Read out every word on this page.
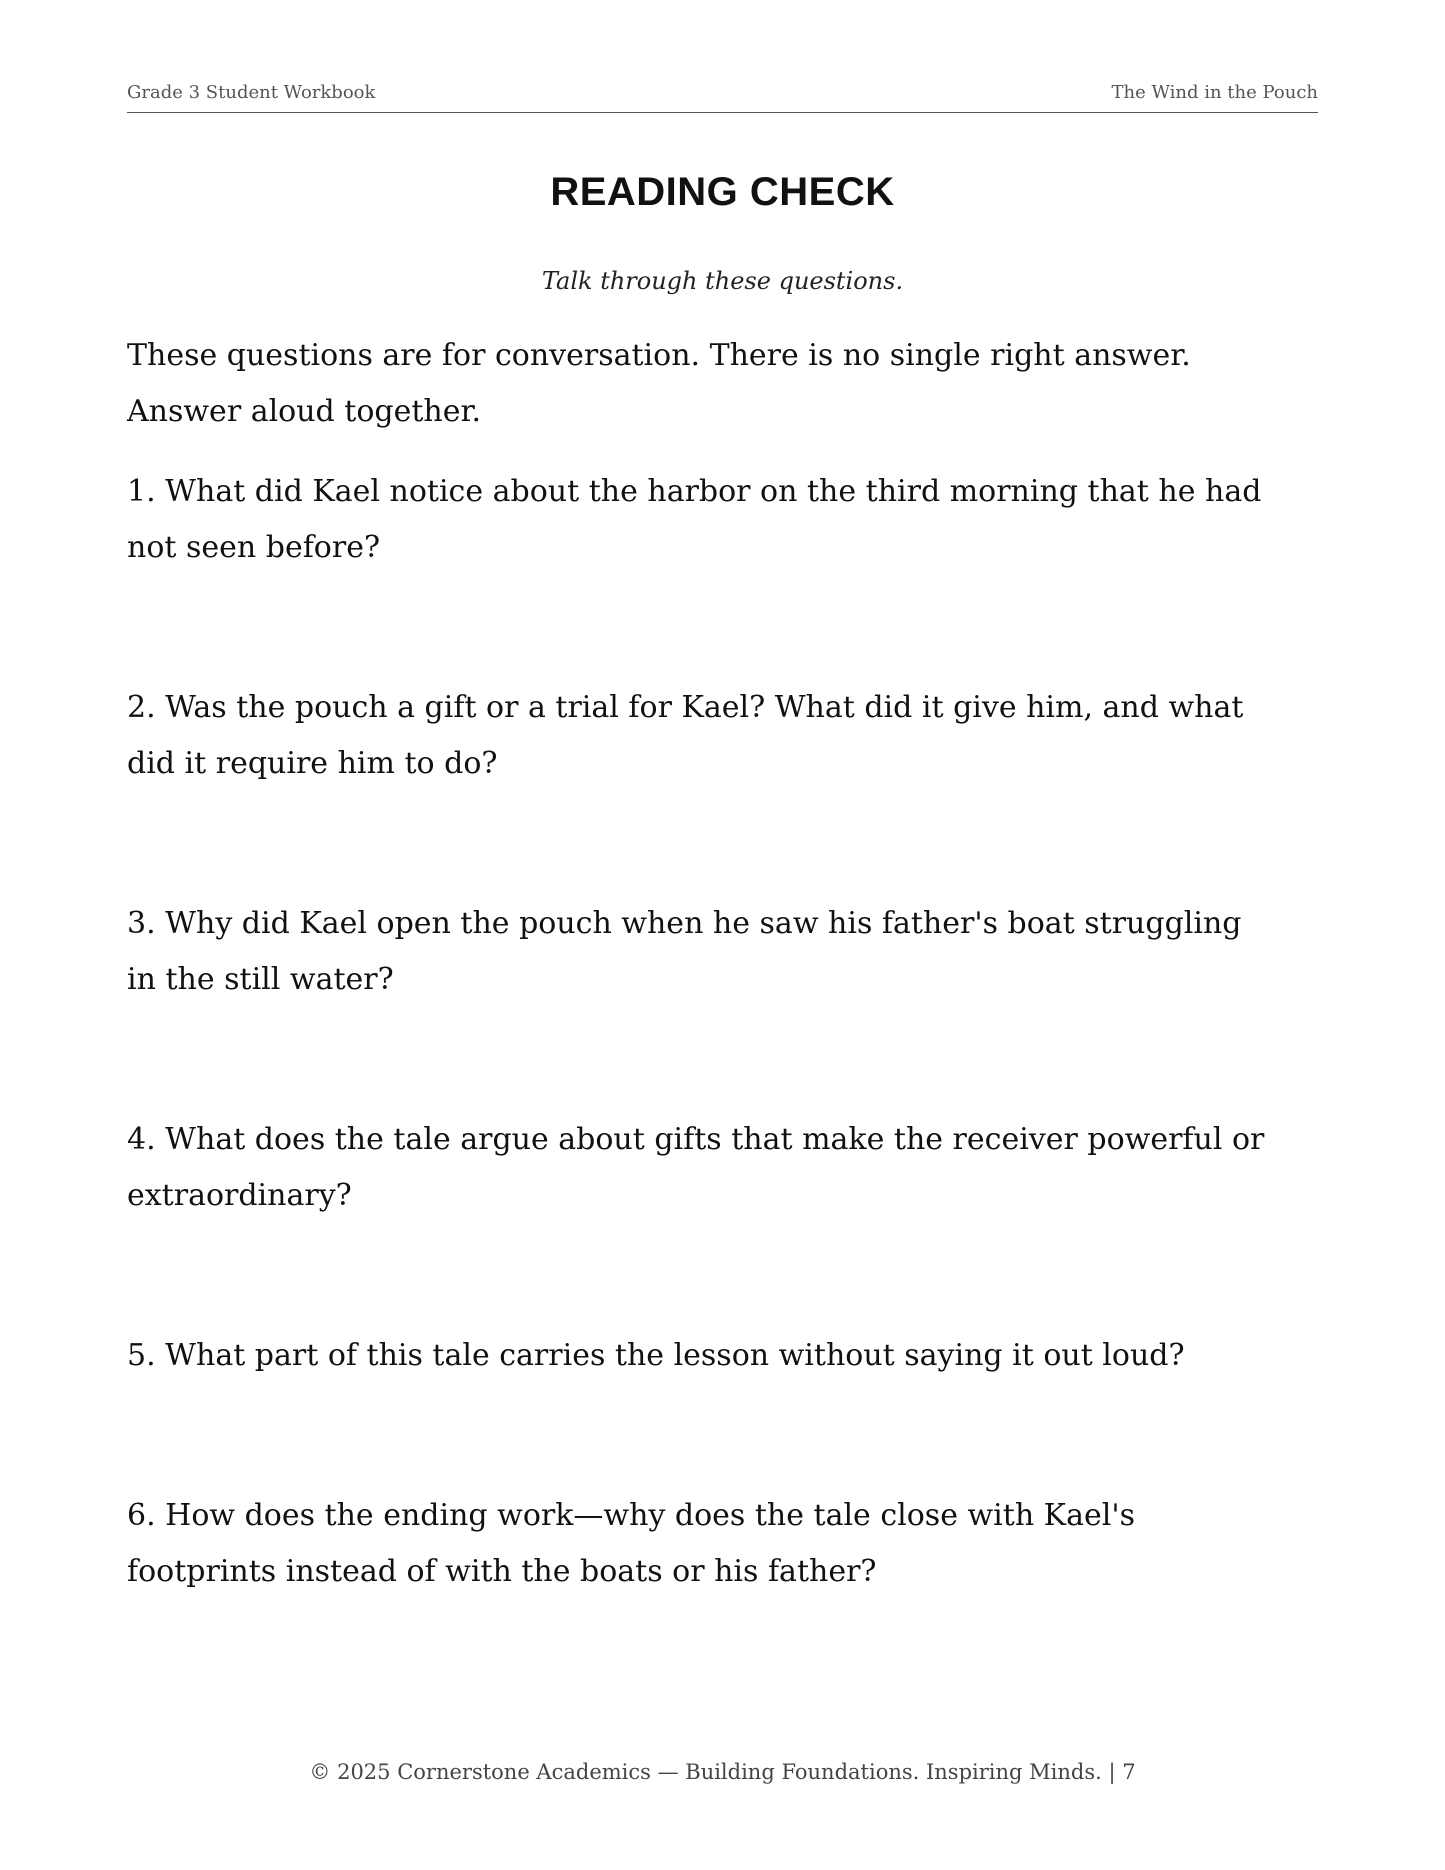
Grade 3 Student Workbook	The Wind in the Pouch
READING CHECK
Talk through these questions.

These questions are for conversation. There is no single right answer. Answer aloud together.

1. What did Kael notice about the harbor on the third morning that he had not seen before?

2. Was the pouch a gift or a trial for Kael? What did it give him, and what did it require him to do?

3. Why did Kael open the pouch when he saw his father's boat struggling in the still water?

4. What does the tale argue about gifts that make the receiver powerful or extraordinary?

5. What part of this tale carries the lesson without saying it out loud?

6. How does the ending work—why does the tale close with Kael's footprints instead of with the boats or his father?

© 2025 Cornerstone Academics — Building Foundations. Inspiring Minds. | 7
